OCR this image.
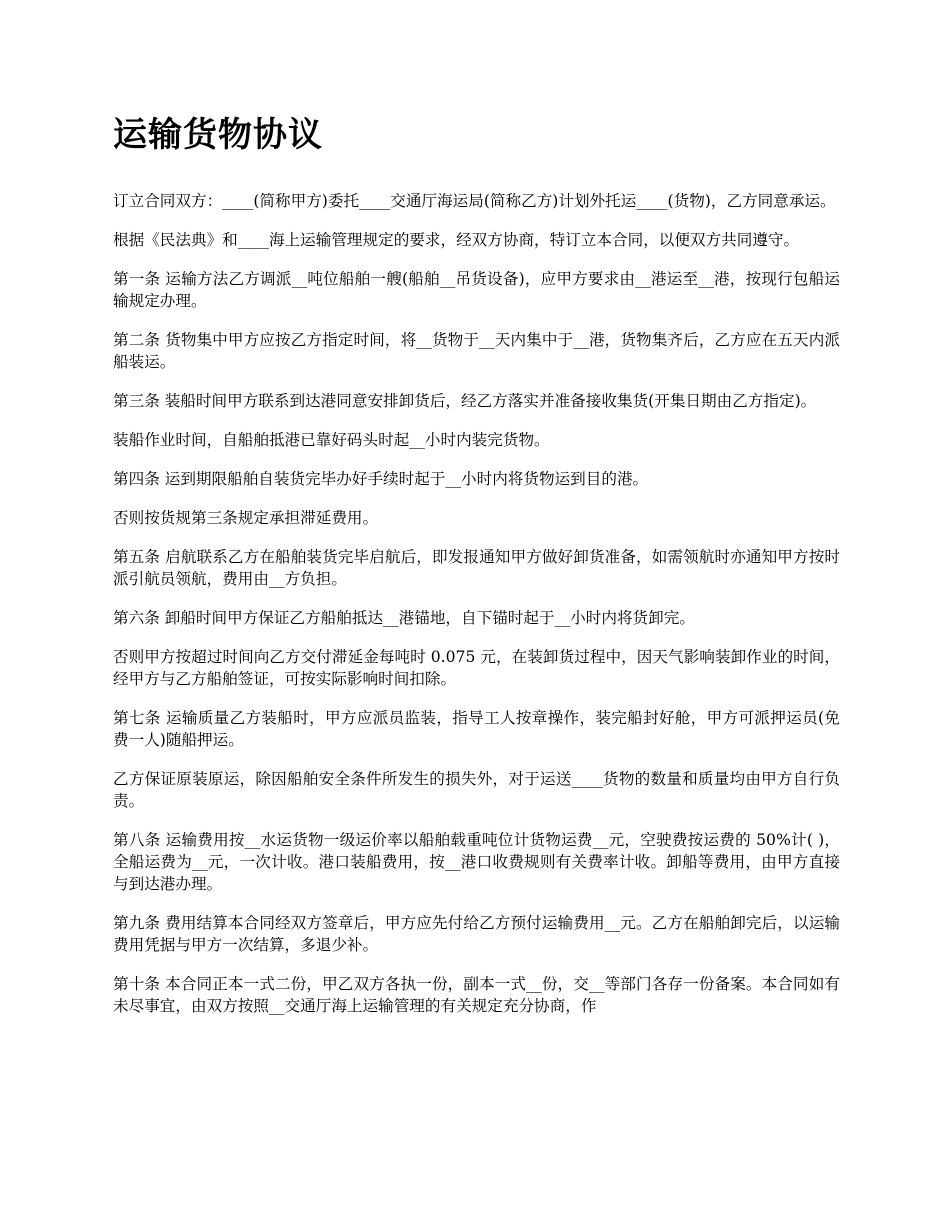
运输货物协议

订立合同双方：____(简称甲方)委托____交通厅海运局(简称乙方)计划外托运____(货物)，乙方同意承运。

根据《民法典》和____海上运输管理规定的要求，经双方协商，特订立本合同，以便双方共同遵守。

第一条 运输方法乙方调派__吨位船舶一艘(船舶__吊货设备)，应甲方要求由__港运至__港，按现行包船运输规定办理。

第二条 货物集中甲方应按乙方指定时间，将__货物于__天内集中于__港，货物集齐后，乙方应在五天内派船装运。

第三条 装船时间甲方联系到达港同意安排卸货后，经乙方落实并准备接收集货(开集日期由乙方指定)。

装船作业时间，自船舶抵港已靠好码头时起__小时内装完货物。

第四条 运到期限船舶自装货完毕办好手续时起于__小时内将货物运到目的港。

否则按货规第三条规定承担滞延费用。

第五条 启航联系乙方在船舶装货完毕启航后，即发报通知甲方做好卸货准备，如需领航时亦通知甲方按时派引航员领航，费用由__方负担。

第六条 卸船时间甲方保证乙方船舶抵达__港锚地，自下锚时起于__小时内将货卸完。

否则甲方按超过时间向乙方交付滞延金每吨时 0.075 元，在装卸货过程中，因天气影响装卸作业的时间，经甲方与乙方船舶签证，可按实际影响时间扣除。

第七条 运输质量乙方装船时，甲方应派员监装，指导工人按章操作，装完船封好舱，甲方可派押运员(免费一人)随船押运。

乙方保证原装原运，除因船舶安全条件所发生的损失外，对于运送____货物的数量和质量均由甲方自行负责。

第八条 运输费用按__水运货物一级运价率以船舶载重吨位计货物运费__元，空驶费按运费的 50%计( )，全船运费为__元，一次计收。港口装船费用，按__港口收费规则有关费率计收。卸船等费用，由甲方直接与到达港办理。

第九条 费用结算本合同经双方签章后，甲方应先付给乙方预付运输费用__元。乙方在船舶卸完后，以运输费用凭据与甲方一次结算，多退少补。

第十条 本合同正本一式二份，甲乙双方各执一份，副本一式__份，交__等部门各存一份备案。本合同如有未尽事宜，由双方按照__交通厅海上运输管理的有关规定充分协商，作
